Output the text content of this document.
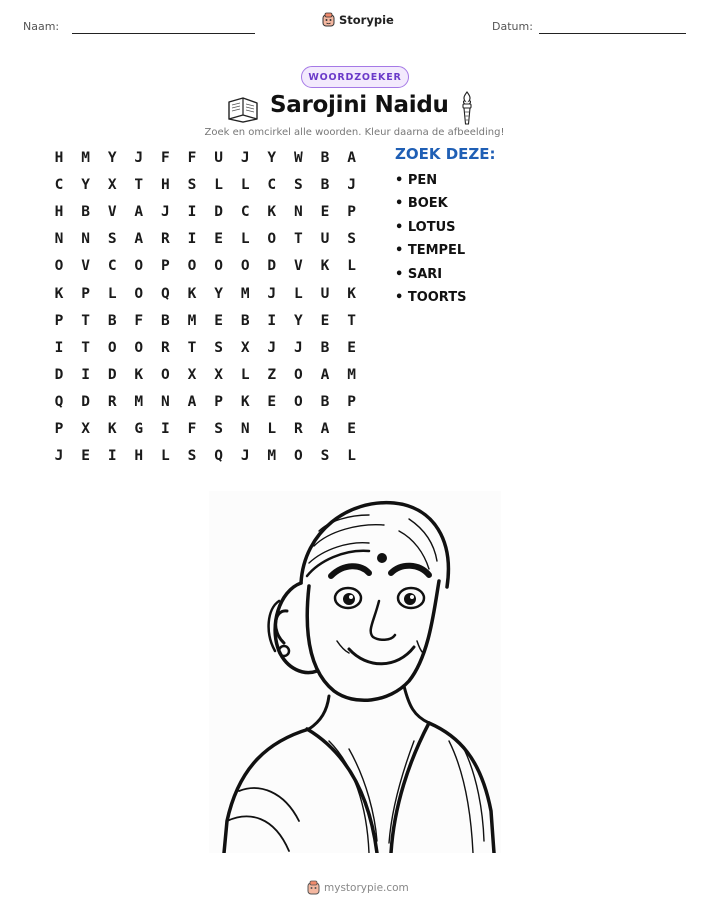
Naam:	Storypie	Datum:
WOORDZOEKER
Sarojini Naidu
Zoek en omcirkel alle woorden. Kleur daarna de afbeelding!
H	M	Y	J	F	F	U	J	Y	W	B	A
C	Y	X	T	H	S	L	L	C	S	B	J
H	B	V	A	J	I	D	C	K	N	E	P
N	N	S	A	R	I	E	L	O	T	U	S
O	V	C	O	P	O	O	O	D	V	K	L
K	P	L	O	Q	K	Y	M	J	L	U	K
P	T	B	F	B	M	E	B	I	Y	E	T
I	T	O	O	R	T	S	X	J	J	B	E
D	I	D	K	O	X	X	L	Z	O	A	M
Q	D	R	M	N	A	P	K	E	O	B	P
P	X	K	G	I	F	S	N	L	R	A	E
J	E	I	H	L	S	Q	J	M	O	S	L
ZOEK DEZE:
• PEN
• BOEK
• LOTUS
• TEMPEL
• SARI
• TOORTS
mystorypie.com
